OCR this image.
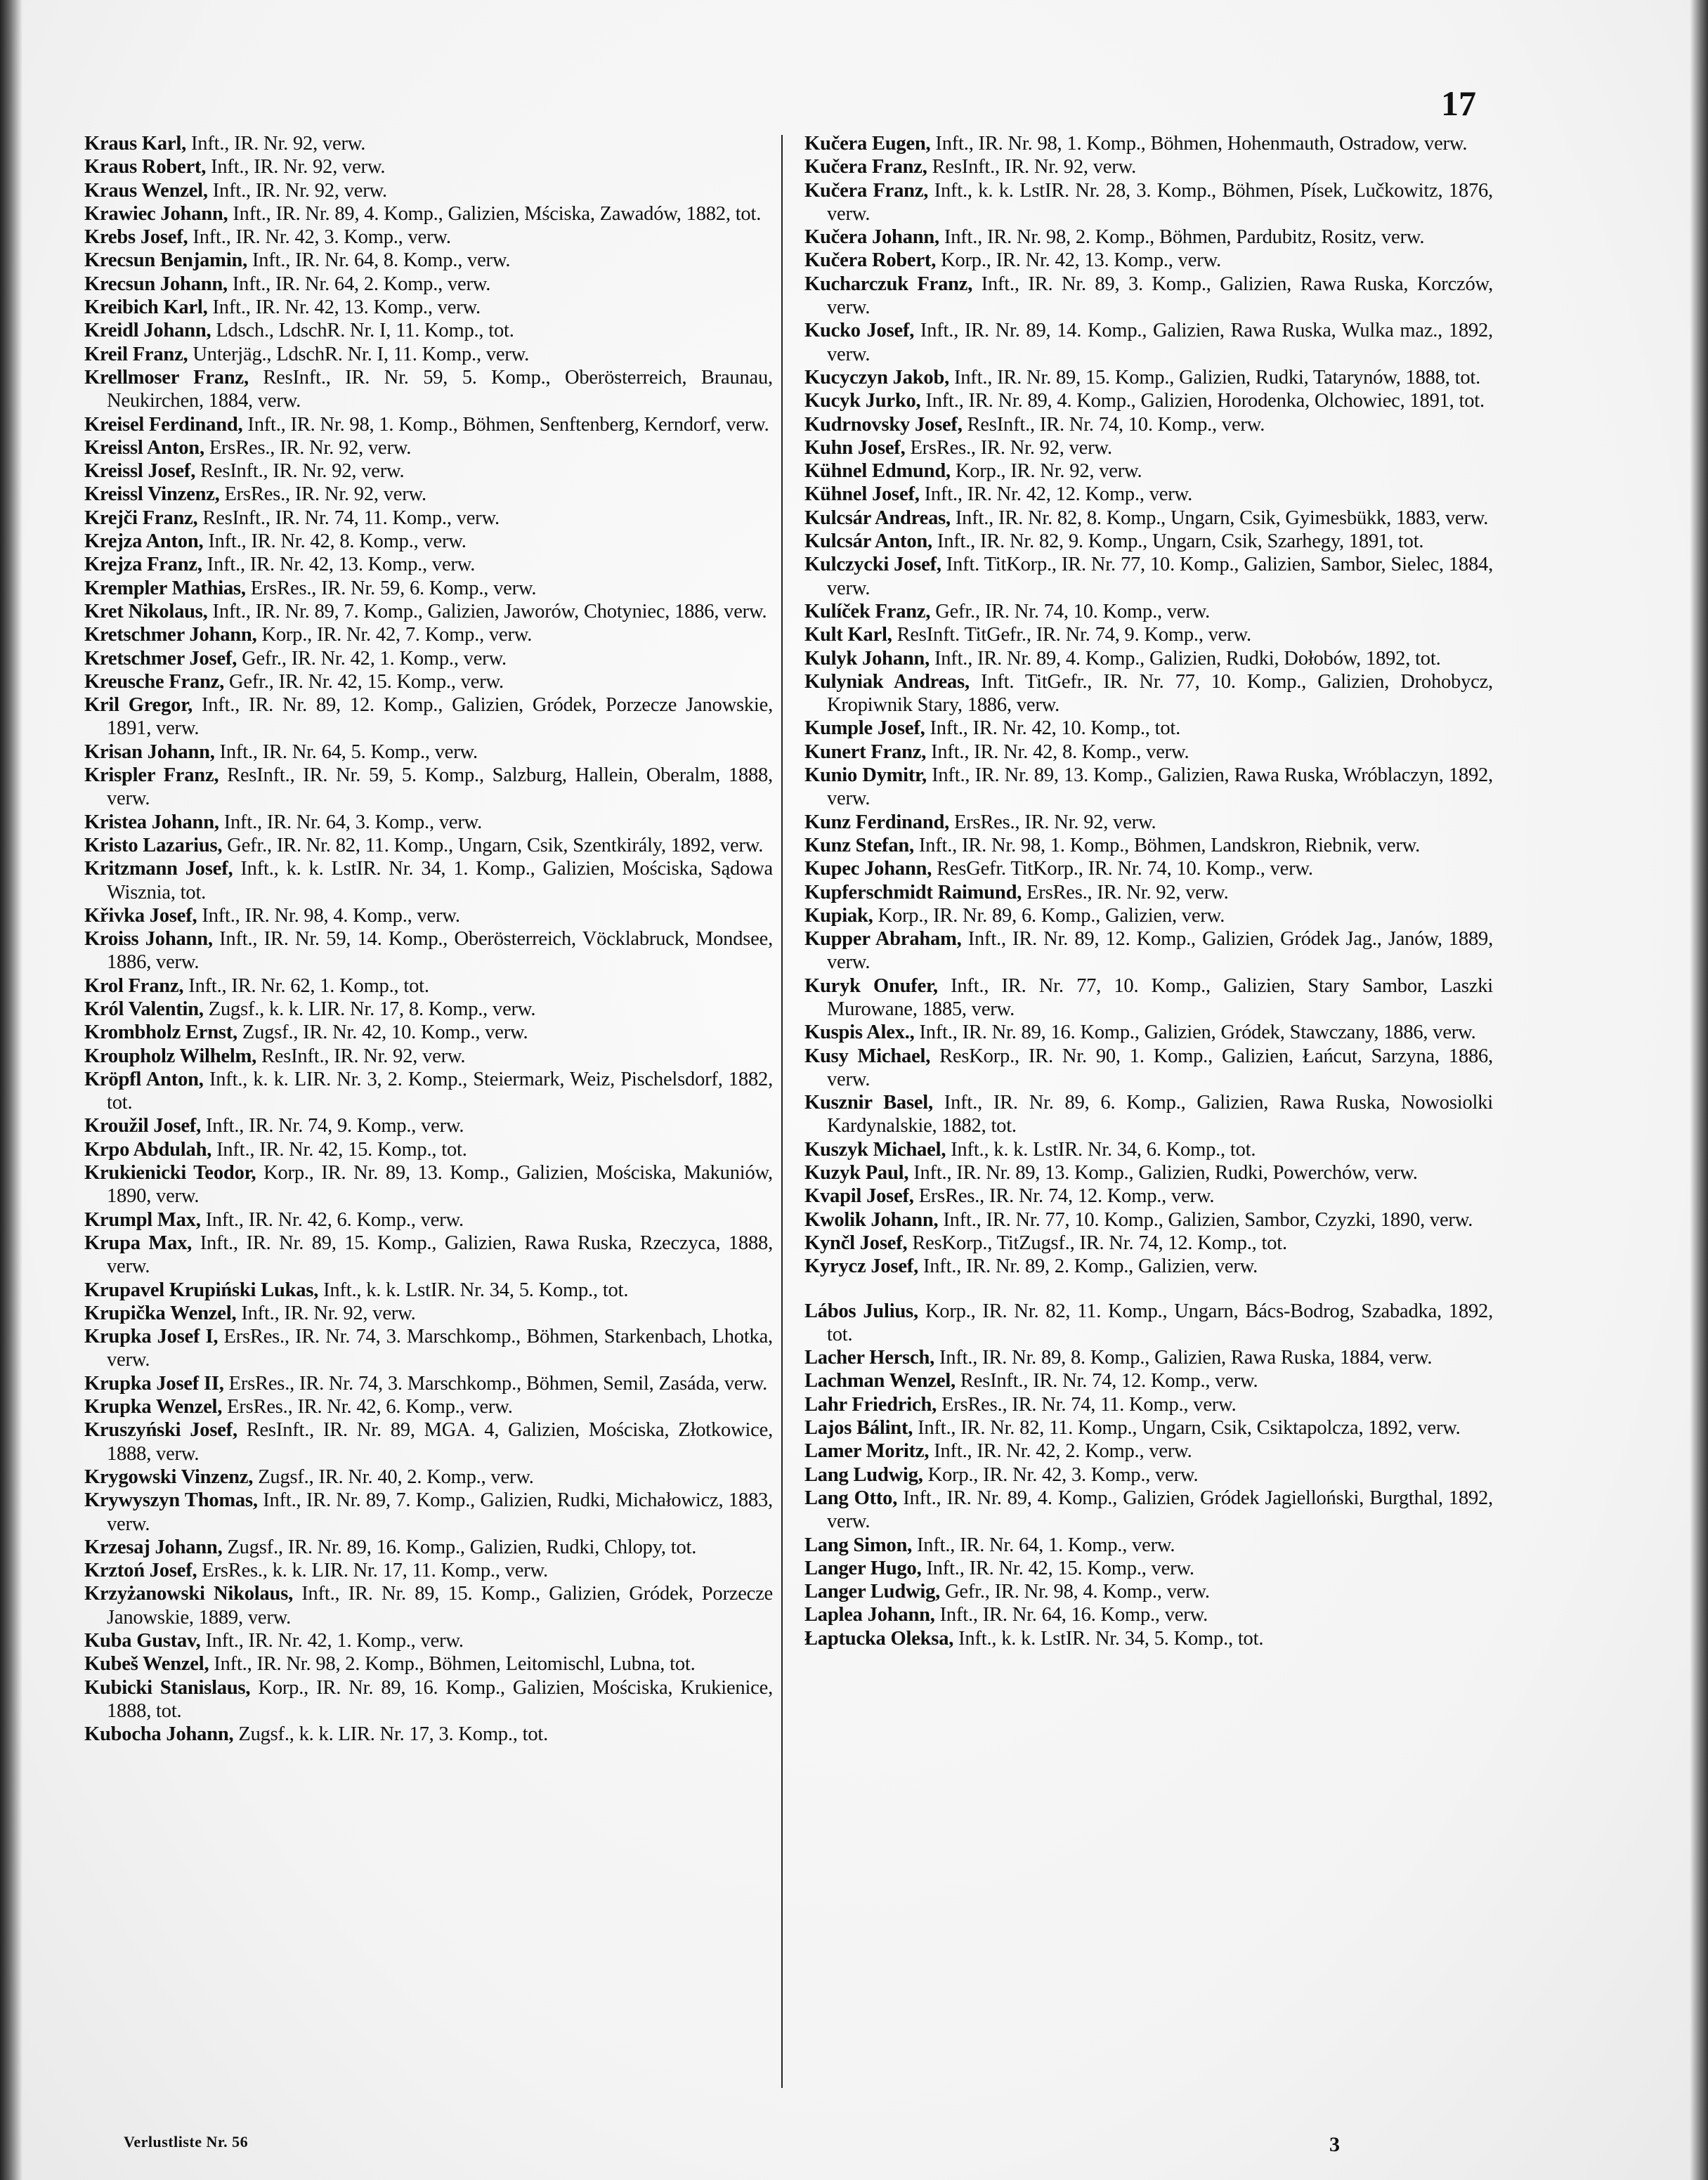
17
Kraus Karl, Inft., IR. Nr. 92, verw.
Kraus Robert, Inft., IR. Nr. 92, verw.
Kraus Wenzel, Inft., IR. Nr. 92, verw.
Krawiec Johann, Inft., IR. Nr. 89, 4. Komp., Galizien, Mściska, Zawadów, 1882, tot.
Krebs Josef, Inft., IR. Nr. 42, 3. Komp., verw.
Krecsun Benjamin, Inft., IR. Nr. 64, 8. Komp., verw.
Krecsun Johann, Inft., IR. Nr. 64, 2. Komp., verw.
Kreibich Karl, Inft., IR. Nr. 42, 13. Komp., verw.
Kreidl Johann, Ldsch., LdschR. Nr. I, 11. Komp., tot.
Kreil Franz, Unterjäg., LdschR. Nr. I, 11. Komp., verw.
Krellmoser Franz, ResInft., IR. Nr. 59, 5. Komp., Oberösterreich, Braunau, Neukirchen, 1884, verw.
Kreisel Ferdinand, Inft., IR. Nr. 98, 1. Komp., Böhmen, Senftenberg, Kerndorf, verw.
Kreissl Anton, ErsRes., IR. Nr. 92, verw.
Kreissl Josef, ResInft., IR. Nr. 92, verw.
Kreissl Vinzenz, ErsRes., IR. Nr. 92, verw.
Krejči Franz, ResInft., IR. Nr. 74, 11. Komp., verw.
Krejza Anton, Inft., IR. Nr. 42, 8. Komp., verw.
Krejza Franz, Inft., IR. Nr. 42, 13. Komp., verw.
Krempler Mathias, ErsRes., IR. Nr. 59, 6. Komp., verw.
Kret Nikolaus, Inft., IR. Nr. 89, 7. Komp., Galizien, Jaworów, Chotyniec, 1886, verw.
Kretschmer Johann, Korp., IR. Nr. 42, 7. Komp., verw.
Kretschmer Josef, Gefr., IR. Nr. 42, 1. Komp., verw.
Kreusche Franz, Gefr., IR. Nr. 42, 15. Komp., verw.
Kril Gregor, Inft., IR. Nr. 89, 12. Komp., Galizien, Gródek, Porzecze Janowskie, 1891, verw.
Krisan Johann, Inft., IR. Nr. 64, 5. Komp., verw.
Krispler Franz, ResInft., IR. Nr. 59, 5. Komp., Salzburg, Hallein, Oberalm, 1888, verw.
Kristea Johann, Inft., IR. Nr. 64, 3. Komp., verw.
Kristo Lazarius, Gefr., IR. Nr. 82, 11. Komp., Ungarn, Csik, Szentkirály, 1892, verw.
Kritzmann Josef, Inft., k. k. LstIR. Nr. 34, 1. Komp., Galizien, Mościska, Sądowa Wisznia, tot.
Křivka Josef, Inft., IR. Nr. 98, 4. Komp., verw.
Kroiss Johann, Inft., IR. Nr. 59, 14. Komp., Oberösterreich, Vöcklabruck, Mondsee, 1886, verw.
Krol Franz, Inft., IR. Nr. 62, 1. Komp., tot.
Król Valentin, Zugsf., k. k. LIR. Nr. 17, 8. Komp., verw.
Krombholz Ernst, Zugsf., IR. Nr. 42, 10. Komp., verw.
Kroupholz Wilhelm, ResInft., IR. Nr. 92, verw.
Kröpfl Anton, Inft., k. k. LIR. Nr. 3, 2. Komp., Steiermark, Weiz, Pischelsdorf, 1882, tot.
Kroužil Josef, Inft., IR. Nr. 74, 9. Komp., verw.
Krpo Abdulah, Inft., IR. Nr. 42, 15. Komp., tot.
Krukienicki Teodor, Korp., IR. Nr. 89, 13. Komp., Galizien, Mościska, Makuniów, 1890, verw.
Krumpl Max, Inft., IR. Nr. 42, 6. Komp., verw.
Krupa Max, Inft., IR. Nr. 89, 15. Komp., Galizien, Rawa Ruska, Rzeczyca, 1888, verw.
Krupavel Krupiński Lukas, Inft., k. k. LstIR. Nr. 34, 5. Komp., tot.
Krupička Wenzel, Inft., IR. Nr. 92, verw.
Krupka Josef I, ErsRes., IR. Nr. 74, 3. Marschkomp., Böhmen, Starkenbach, Lhotka, verw.
Krupka Josef II, ErsRes., IR. Nr. 74, 3. Marschkomp., Böhmen, Semil, Zasáda, verw.
Krupka Wenzel, ErsRes., IR. Nr. 42, 6. Komp., verw.
Kruszyński Josef, ResInft., IR. Nr. 89, MGA. 4, Galizien, Mościska, Złotkowice, 1888, verw.
Krygowski Vinzenz, Zugsf., IR. Nr. 40, 2. Komp., verw.
Krywyszyn Thomas, Inft., IR. Nr. 89, 7. Komp., Galizien, Rudki, Michałowicz, 1883, verw.
Krzesaj Johann, Zugsf., IR. Nr. 89, 16. Komp., Galizien, Rudki, Chlopy, tot.
Krztoń Josef, ErsRes., k. k. LIR. Nr. 17, 11. Komp., verw.
Krzyżanowski Nikolaus, Inft., IR. Nr. 89, 15. Komp., Galizien, Gródek, Porzecze Janowskie, 1889, verw.
Kuba Gustav, Inft., IR. Nr. 42, 1. Komp., verw.
Kubeš Wenzel, Inft., IR. Nr. 98, 2. Komp., Böhmen, Leitomischl, Lubna, tot.
Kubicki Stanislaus, Korp., IR. Nr. 89, 16. Komp., Galizien, Mościska, Krukienice, 1888, tot.
Kubocha Johann, Zugsf., k. k. LIR. Nr. 17, 3. Komp., tot.
Kučera Eugen, Inft., IR. Nr. 98, 1. Komp., Böhmen, Hohenmauth, Ostradow, verw.
Kučera Franz, ResInft., IR. Nr. 92, verw.
Kučera Franz, Inft., k. k. LstIR. Nr. 28, 3. Komp., Böhmen, Písek, Lučkowitz, 1876, verw.
Kučera Johann, Inft., IR. Nr. 98, 2. Komp., Böhmen, Pardubitz, Rositz, verw.
Kučera Robert, Korp., IR. Nr. 42, 13. Komp., verw.
Kucharczuk Franz, Inft., IR. Nr. 89, 3. Komp., Galizien, Rawa Ruska, Korczów, verw.
Kucko Josef, Inft., IR. Nr. 89, 14. Komp., Galizien, Rawa Ruska, Wulka maz., 1892, verw.
Kucyczyn Jakob, Inft., IR. Nr. 89, 15. Komp., Galizien, Rudki, Tatarynów, 1888, tot.
Kucyk Jurko, Inft., IR. Nr. 89, 4. Komp., Galizien, Horodenka, Olchowiec, 1891, tot.
Kudrnovsky Josef, ResInft., IR. Nr. 74, 10. Komp., verw.
Kuhn Josef, ErsRes., IR. Nr. 92, verw.
Kühnel Edmund, Korp., IR. Nr. 92, verw.
Kühnel Josef, Inft., IR. Nr. 42, 12. Komp., verw.
Kulcsár Andreas, Inft., IR. Nr. 82, 8. Komp., Ungarn, Csik, Gyimesbükk, 1883, verw.
Kulcsár Anton, Inft., IR. Nr. 82, 9. Komp., Ungarn, Csik, Szarhegy, 1891, tot.
Kulczycki Josef, Inft. TitKorp., IR. Nr. 77, 10. Komp., Galizien, Sambor, Sielec, 1884, verw.
Kulíček Franz, Gefr., IR. Nr. 74, 10. Komp., verw.
Kult Karl, ResInft. TitGefr., IR. Nr. 74, 9. Komp., verw.
Kulyk Johann, Inft., IR. Nr. 89, 4. Komp., Galizien, Rudki, Dołobów, 1892, tot.
Kulyniak Andreas, Inft. TitGefr., IR. Nr. 77, 10. Komp., Galizien, Drohobycz, Kropiwnik Stary, 1886, verw.
Kumple Josef, Inft., IR. Nr. 42, 10. Komp., tot.
Kunert Franz, Inft., IR. Nr. 42, 8. Komp., verw.
Kunio Dymitr, Inft., IR. Nr. 89, 13. Komp., Galizien, Rawa Ruska, Wróblaczyn, 1892, verw.
Kunz Ferdinand, ErsRes., IR. Nr. 92, verw.
Kunz Stefan, Inft., IR. Nr. 98, 1. Komp., Böhmen, Landskron, Riebnik, verw.
Kupec Johann, ResGefr. TitKorp., IR. Nr. 74, 10. Komp., verw.
Kupferschmidt Raimund, ErsRes., IR. Nr. 92, verw.
Kupiak, Korp., IR. Nr. 89, 6. Komp., Galizien, verw.
Kupper Abraham, Inft., IR. Nr. 89, 12. Komp., Galizien, Gródek Jag., Janów, 1889, verw.
Kuryk Onufer, Inft., IR. Nr. 77, 10. Komp., Galizien, Stary Sambor, Laszki Murowane, 1885, verw.
Kuspis Alex., Inft., IR. Nr. 89, 16. Komp., Galizien, Gródek, Stawczany, 1886, verw.
Kusy Michael, ResKorp., IR. Nr. 90, 1. Komp., Galizien, Łańcut, Sarzyna, 1886, verw.
Kusznir Basel, Inft., IR. Nr. 89, 6. Komp., Galizien, Rawa Ruska, Nowosiolki Kardynalskie, 1882, tot.
Kuszyk Michael, Inft., k. k. LstIR. Nr. 34, 6. Komp., tot.
Kuzyk Paul, Inft., IR. Nr. 89, 13. Komp., Galizien, Rudki, Powerchów, verw.
Kvapil Josef, ErsRes., IR. Nr. 74, 12. Komp., verw.
Kwolik Johann, Inft., IR. Nr. 77, 10. Komp., Galizien, Sambor, Czyzki, 1890, verw.
Kynčl Josef, ResKorp., TitZugsf., IR. Nr. 74, 12. Komp., tot.
Kyrycz Josef, Inft., IR. Nr. 89, 2. Komp., Galizien, verw.
Lábos Julius, Korp., IR. Nr. 82, 11. Komp., Ungarn, Bács-Bodrog, Szabadka, 1892, tot.
Lacher Hersch, Inft., IR. Nr. 89, 8. Komp., Galizien, Rawa Ruska, 1884, verw.
Lachman Wenzel, ResInft., IR. Nr. 74, 12. Komp., verw.
Lahr Friedrich, ErsRes., IR. Nr. 74, 11. Komp., verw.
Lajos Bálint, Inft., IR. Nr. 82, 11. Komp., Ungarn, Csik, Csiktapolcza, 1892, verw.
Lamer Moritz, Inft., IR. Nr. 42, 2. Komp., verw.
Lang Ludwig, Korp., IR. Nr. 42, 3. Komp., verw.
Lang Otto, Inft., IR. Nr. 89, 4. Komp., Galizien, Gródek Jagielloński, Burgthal, 1892, verw.
Lang Simon, Inft., IR. Nr. 64, 1. Komp., verw.
Langer Hugo, Inft., IR. Nr. 42, 15. Komp., verw.
Langer Ludwig, Gefr., IR. Nr. 98, 4. Komp., verw.
Laplea Johann, Inft., IR. Nr. 64, 16. Komp., verw.
Łaptucka Oleksa, Inft., k. k. LstIR. Nr. 34, 5. Komp., tot.
Verlustliste Nr. 56	3
